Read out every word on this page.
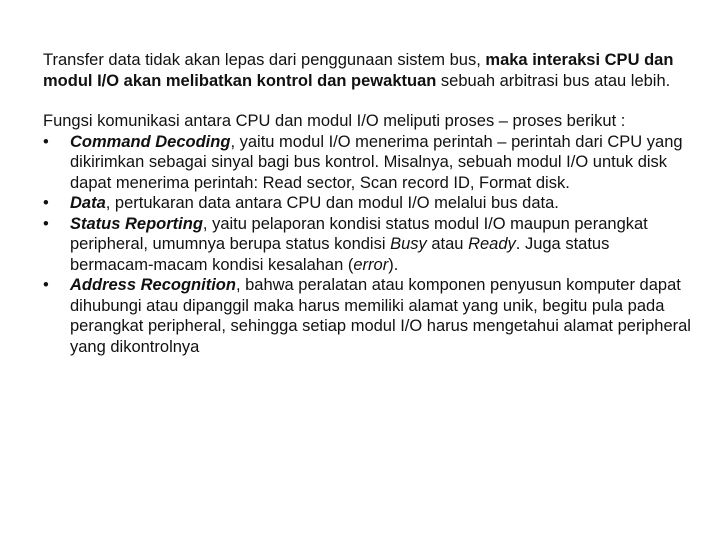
Transfer data tidak akan lepas dari penggunaan sistem bus, maka interaksi CPU dan modul I/O akan melibatkan kontrol dan pewaktuan sebuah arbitrasi bus atau lebih.

Fungsi komunikasi antara CPU dan modul I/O meliputi proses – proses berikut :
•	Command Decoding, yaitu modul I/O menerima perintah – perintah dari CPU yang dikirimkan sebagai sinyal bagi bus kontrol. Misalnya, sebuah modul I/O untuk disk dapat menerima perintah: Read sector, Scan record ID, Format disk.
•	Data, pertukaran data antara CPU dan modul I/O melalui bus data.
•	Status Reporting, yaitu pelaporan kondisi status modul I/O maupun perangkat peripheral, umumnya berupa status kondisi Busy atau Ready. Juga status bermacam-macam kondisi kesalahan (error).
•	Address Recognition, bahwa peralatan atau komponen penyusun komputer dapat dihubungi atau dipanggil maka harus memiliki alamat yang unik, begitu pula pada perangkat peripheral, sehingga setiap modul I/O harus mengetahui alamat peripheral yang dikontrolnya
